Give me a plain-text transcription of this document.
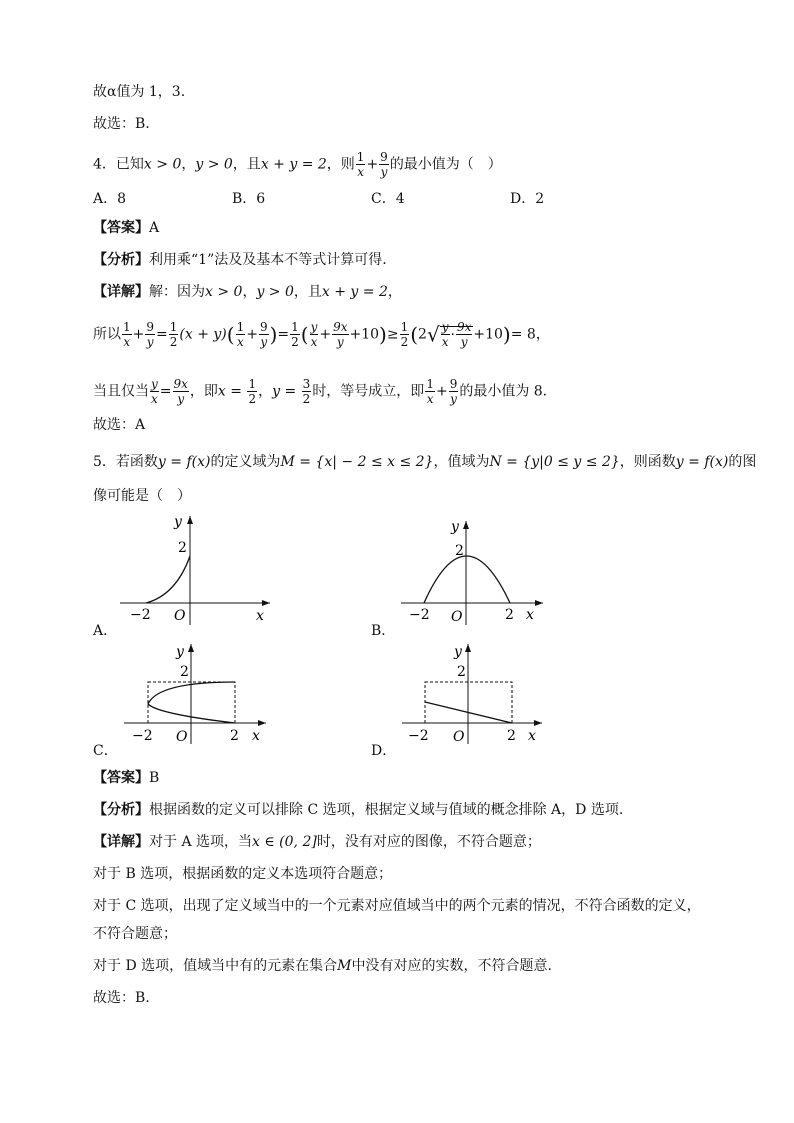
故α值为 1，3.
故选：B.
4．已知x > 0，y > 0，且x + y = 2，则 $\frac{1}{x} + \frac{9}{y}$ 的最小值为（　）
A．8	B．6	C．4	D．2
【答案】A
【分析】利用乘“1”法及及基本不等式计算可得.
【详解】解：因为x > 0，y > 0，且x + y = 2，
所以 $\frac{1}{x} + \frac{9}{y} = \frac{1}{2} (x + y)( \frac{1}{x} + \frac{9}{y}$ )= $\frac{1}{2}$ ( $\frac{y}{x} + \frac{9x}{y} +10)\ge \frac{1}{2} (2√ \frac{y}{x} \cdot \frac{9x}{y} +10)= 8$，
当且仅当 $\frac{y}{x} = \frac{9x}{y}$ ，即$x = \frac{1}{2}$ ，$y = \frac{3}{2}$ 时，等号成立，即 $\frac{1}{x} + \frac{9}{y}$ 的最小值为 8.
故选：A
5．若函数y = f(x)的定义域为M = {x| − 2 ≤ x ≤ 2}，值域为N = {y|0 ≤ y ≤ 2}，则函数y = f(x)的图
像可能是（　）
A．
y
2
−2 O	x
B．
y
2
−2 O	2 x
C．
y
2
−2 O	2 x
D．
y
2
−2 O	2 x
【答案】B
【分析】根据函数的定义可以排除 C 选项，根据定义域与值域的概念排除 A，D 选项.
【详解】对于 A 选项，当x ∈ (0, 2]时，没有对应的图像，不符合题意；
对于 B 选项，根据函数的定义本选项符合题意；
对于 C 选项，出现了定义域当中的一个元素对应值域当中的两个元素的情况，不符合函数的定义，
不符合题意；
对于 D 选项，值域当中有的元素在集合M中没有对应的实数，不符合题意.
故选：B.
